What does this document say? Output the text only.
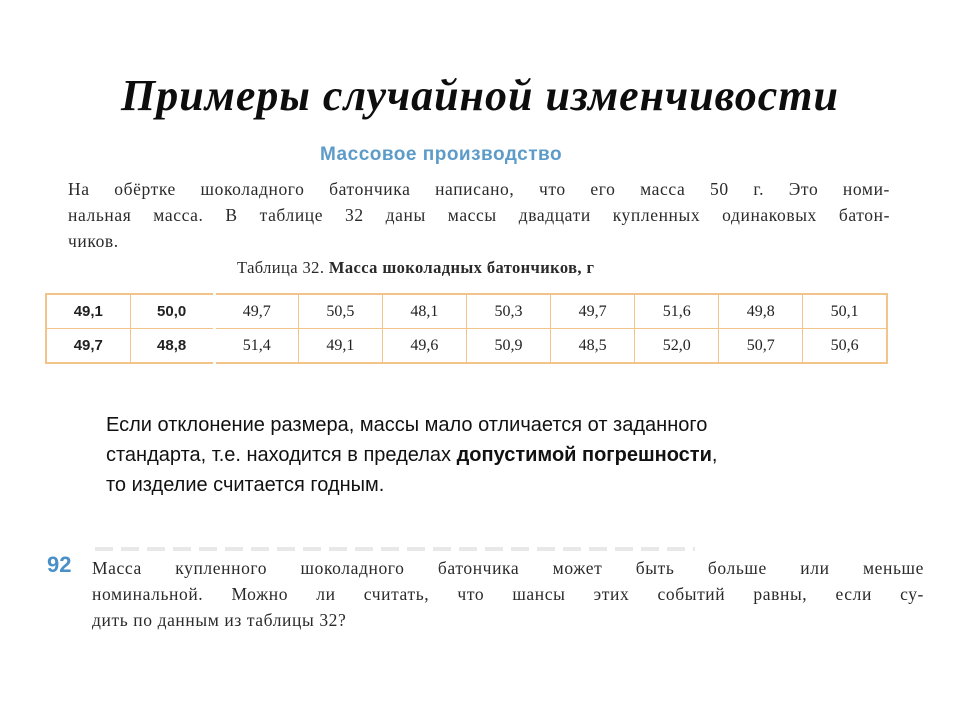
Примеры случайной изменчивости
Массовое производство
На обёртке шоколадного батончика написано, что его масса 50 г. Это номи-
нальная масса. В таблице 32 даны массы двадцати купленных одинаковых батон-
чиков.
Таблица 32. Масса шоколадных батончиков, г
49,1	50,0	49,7	50,5	48,1	50,3	49,7	51,6	49,8	50,1
49,7	48,8	51,4	49,1	49,6	50,9	48,5	52,0	50,7	50,6
Если отклонение размера, массы мало отличается от заданного
стандарта, т.е. находится в пределах допустимой погрешности,
то изделие считается годным.
92 Масса купленного шоколадного батончика может быть больше или меньше
номинальной. Можно ли считать, что шансы этих событий равны, если су-
дить по данным из таблицы 32?
